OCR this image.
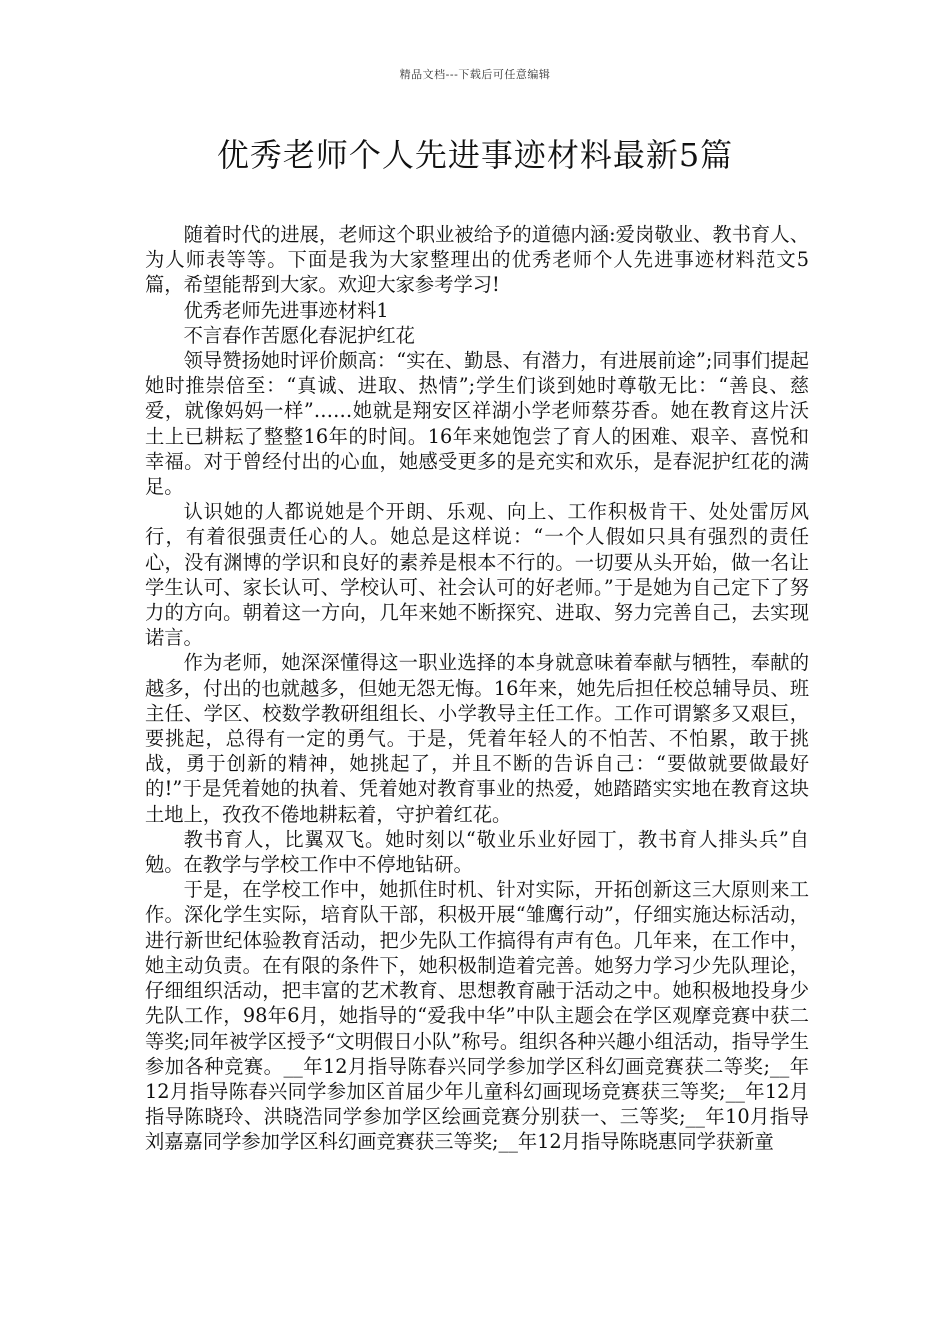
精品文档---下载后可任意编辑
优秀老师个人先进事迹材料最新5篇

随着时代的进展，老师这个职业被给予的道德内涵:爱岗敬业、教书育人、为人师表等等。下面是我为大家整理出的优秀老师个人先进事迹材料范文5篇，希望能帮到大家。欢迎大家参考学习!

优秀老师先进事迹材料1

不言春作苦愿化春泥护红花

领导赞扬她时评价颇高：“实在、勤恳、有潜力，有进展前途”;同事们提起她时推崇倍至：“真诚、进取、热情”;学生们谈到她时尊敬无比：“善良、慈爱，就像妈妈一样”……她就是翔安区祥湖小学老师蔡芬香。她在教育这片沃土上已耕耘了整整16年的时间。16年来她饱尝了育人的困难、艰辛、喜悦和幸福。对于曾经付出的心血，她感受更多的是充实和欢乐，是春泥护红花的满足。

认识她的人都说她是个开朗、乐观、向上、工作积极肯干、处处雷厉风行，有着很强责任心的人。她总是这样说：“一个人假如只具有强烈的责任心，没有渊博的学识和良好的素养是根本不行的。一切要从头开始，做一名让学生认可、家长认可、学校认可、社会认可的好老师。”于是她为自己定下了努力的方向。朝着这一方向，几年来她不断探究、进取、努力完善自己，去实现诺言。

作为老师，她深深懂得这一职业选择的本身就意味着奉献与牺牲，奉献的越多，付出的也就越多，但她无怨无悔。16年来，她先后担任校总辅导员、班主任、学区、校数学教研组组长、小学教导主任工作。工作可谓繁多又艰巨，要挑起，总得有一定的勇气。于是，凭着年轻人的不怕苦、不怕累，敢于挑战，勇于创新的精神，她挑起了，并且不断的告诉自己：“要做就要做最好的!”于是凭着她的执着、凭着她对教育事业的热爱，她踏踏实实地在教育这块土地上，孜孜不倦地耕耘着，守护着红花。

教书育人，比翼双飞。她时刻以“敬业乐业好园丁，教书育人排头兵”自勉。在教学与学校工作中不停地钻研。

于是，在学校工作中，她抓住时机、针对实际，开拓创新这三大原则来工作。深化学生实际，培育队干部，积极开展“雏鹰行动”，仔细实施达标活动，进行新世纪体验教育活动，把少先队工作搞得有声有色。几年来，在工作中，她主动负责。在有限的条件下，她积极制造着完善。她努力学习少先队理论，仔细组织活动，把丰富的艺术教育、思想教育融于活动之中。她积极地投身少先队工作，98年6月，她指导的“爱我中华”中队主题会在学区观摩竞赛中获二等奖;同年被学区授予“文明假日小队”称号。组织各种兴趣小组活动，指导学生参加各种竞赛。__年12月指导陈春兴同学参加学区科幻画竞赛获二等奖;__年12月指导陈春兴同学参加区首届少年儿童科幻画现场竞赛获三等奖;__年12月指导陈晓玲、洪晓浩同学参加学区绘画竞赛分别获一、三等奖;__年10月指导刘嘉嘉同学参加学区科幻画竞赛获三等奖;__年12月指导陈晓惠同学获新童
